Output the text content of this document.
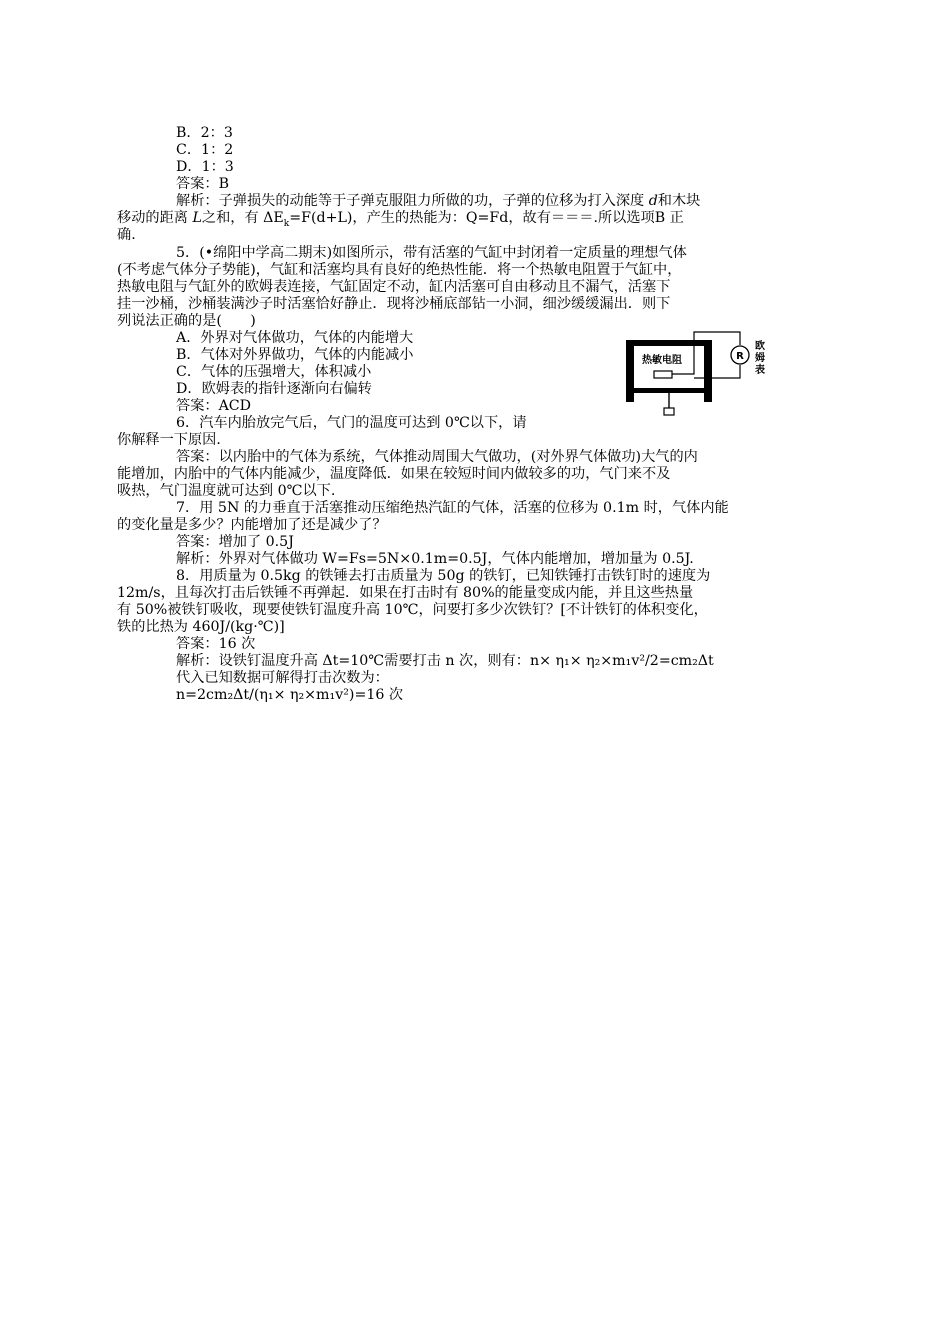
B．2：3
C．1：2
D．1：3
答案：B
解析：子弹损失的动能等于子弹克服阻力所做的功，子弹的位移为打入深度 d和木块
移动的距离 L之和，有 $\Delta E_k=F(d+L)$，产生的热能为：Q=Fd，故有＝＝＝.所以选项B 正
确.
5．(•绵阳中学高二期末)如图所示，带有活塞的气缸中封闭着一定质量的理想气体
(不考虑气体分子势能)，气缸和活塞均具有良好的绝热性能．将一个热敏电阻置于气缸中，
热敏电阻与气缸外的欧姆表连接，气缸固定不动，缸内活塞可自由移动且不漏气，活塞下
挂一沙桶，沙桶装满沙子时活塞恰好静止．现将沙桶底部钻一小洞，细沙缓缓漏出．则下
列说法正确的是(　　)
A．外界对气体做功，气体的内能增大
B．气体对外界做功，气体的内能减小
C．气体的压强增大，体积减小
D．欧姆表的指针逐渐向右偏转
答案：ACD
6．汽车内胎放完气后，气门的温度可达到 0℃以下，请
你解释一下原因．
答案：以内胎中的气体为系统，气体推动周围大气做功，(对外界气体做功)大气的内
能增加，内胎中的气体内能减少，温度降低．如果在较短时间内做较多的功，气门来不及
吸热，气门温度就可达到 0℃以下.
7．用 5N 的力垂直于活塞推动压缩绝热汽缸的气体，活塞的位移为 0.1m 时，气体内能
的变化量是多少？内能增加了还是减少了？
答案：增加了 0.5J
解析：外界对气体做功 W=Fs=5N×0.1m=0.5J，气体内能增加，增加量为 0.5J.
8．用质量为 0.5kg 的铁锤去打击质量为 50g 的铁钉，已知铁锤打击铁钉时的速度为
12m/s，且每次打击后铁锤不再弹起．如果在打击时有 80%的能量变成内能，并且这些热量
有 50%被铁钉吸收，现要使铁钉温度升高 10℃，问要打多少次铁钉？[不计铁钉的体积变化，
铁的比热为 460J/(kg·℃)]
答案：16 次
解析：设铁钉温度升高 Δt=10℃需要打击 n 次，则有：n× η₁× η₂×m₁v²/2=cm₂Δt
代入已知数据可解得打击次数为：
n=2cm₂Δt/(η₁× η₂×m₁v²)=16 次
热敏电阻	R
欧
姆
表
